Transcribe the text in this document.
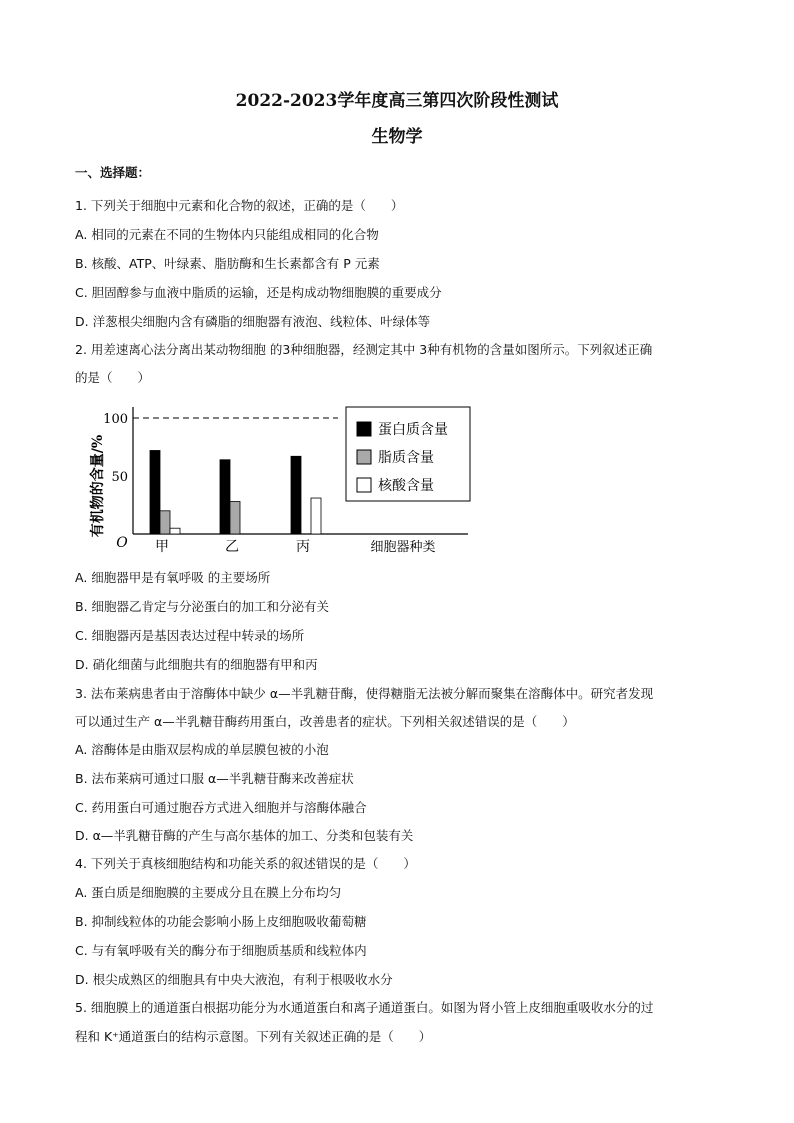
2022-2023学年度高三第四次阶段性测试
生物学
一、选择题：
1. 下列关于细胞中元素和化合物的叙述，正确的是（　　）
A. 相同的元素在不同的生物体内只能组成相同的化合物
B. 核酸、ATP、叶绿素、脂肪酶和生长素都含有 P 元素
C. 胆固醇参与血液中脂质的运输，还是构成动物细胞膜的重要成分
D. 洋葱根尖细胞内含有磷脂的细胞器有液泡、线粒体、叶绿体等
2. 用差速离心法分离出某动物细胞 的3种细胞器，经测定其中 3种有机物的含量如图所示。下列叙述正确
的是（　　）
100
50
O
有机物的含量/%
细胞器种类
甲	乙	丙
蛋白质含量
脂质含量
核酸含量
A. 细胞器甲是有氧呼吸 的主要场所
B. 细胞器乙肯定与分泌蛋白的加工和分泌有关
C. 细胞器丙是基因表达过程中转录的场所
D. 硝化细菌与此细胞共有的细胞器有甲和丙
3. 法布莱病患者由于溶酶体中缺少 α—半乳糖苷酶，使得糖脂无法被分解而聚集在溶酶体中。研究者发现
可以通过生产 α—半乳糖苷酶药用蛋白，改善患者的症状。下列相关叙述错误的是（　　）
A. 溶酶体是由脂双层构成的单层膜包被的小泡
B. 法布莱病可通过口服 α—半乳糖苷酶来改善症状
C. 药用蛋白可通过胞吞方式进入细胞并与溶酶体融合
D. α—半乳糖苷酶的产生与高尔基体的加工、分类和包装有关
4. 下列关于真核细胞结构和功能关系的叙述错误的是（　　）
A. 蛋白质是细胞膜的主要成分且在膜上分布均匀
B. 抑制线粒体的功能会影响小肠上皮细胞吸收葡萄糖
C. 与有氧呼吸有关的酶分布于细胞质基质和线粒体内
D. 根尖成熟区的细胞具有中央大液泡，有利于根吸收水分
5. 细胞膜上的通道蛋白根据功能分为水通道蛋白和离子通道蛋白。如图为肾小管上皮细胞重吸收水分的过
程和 K⁺通道蛋白的结构示意图。下列有关叙述正确的是（　　）
